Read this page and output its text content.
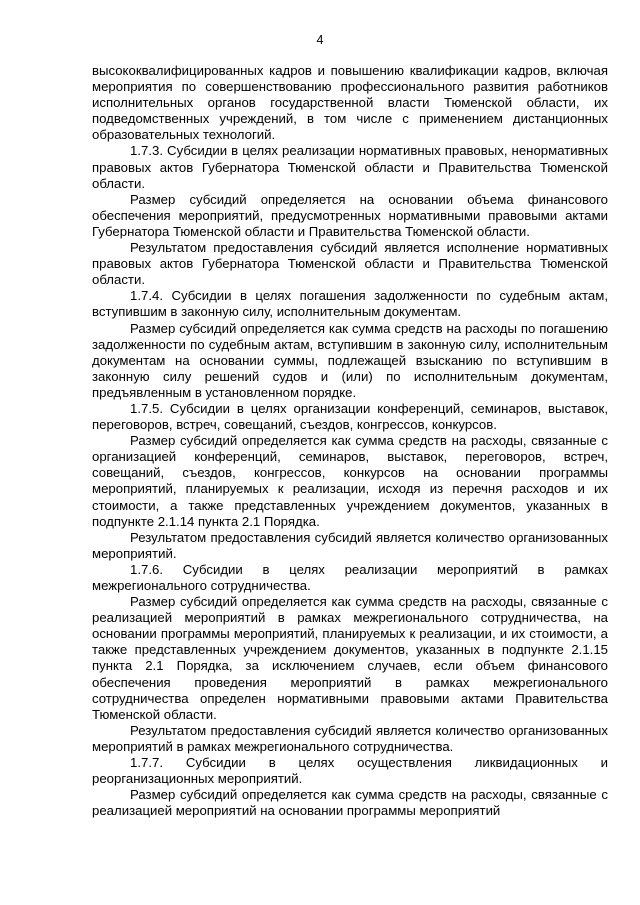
4

высококвалифицированных кадров и повышению квалификации кадров, включая мероприятия по совершенствованию профессионального развития работников исполнительных органов государственной власти Тюменской области, их подведомственных учреждений, в том числе с применением дистанционных образовательных технологий.

1.7.3. Субсидии в целях реализации нормативных правовых, ненормативных правовых актов Губернатора Тюменской области и Правительства Тюменской области.

Размер субсидий определяется на основании объема финансового обеспечения мероприятий, предусмотренных нормативными правовыми актами Губернатора Тюменской области и Правительства Тюменской области.

Результатом предоставления субсидий является исполнение нормативных правовых актов Губернатора Тюменской области и Правительства Тюменской области.

1.7.4. Субсидии в целях погашения задолженности по судебным актам, вступившим в законную силу, исполнительным документам.

Размер субсидий определяется как сумма средств на расходы по погашению задолженности по судебным актам, вступившим в законную силу, исполнительным документам на основании суммы, подлежащей взысканию по вступившим в законную силу решений судов и (или) по исполнительным документам, предъявленным в установленном порядке.

1.7.5. Субсидии в целях организации конференций, семинаров, выставок, переговоров, встреч, совещаний, съездов, конгрессов, конкурсов.

Размер субсидий определяется как сумма средств на расходы, связанные с организацией конференций, семинаров, выставок, переговоров, встреч, совещаний, съездов, конгрессов, конкурсов на основании программы мероприятий, планируемых к реализации, исходя из перечня расходов и их стоимости, а также представленных учреждением документов, указанных в подпункте 2.1.14 пункта 2.1 Порядка.

Результатом предоставления субсидий является количество организованных мероприятий.

1.7.6. Субсидии в целях реализации мероприятий в рамках межрегионального сотрудничества.

Размер субсидий определяется как сумма средств на расходы, связанные с реализацией мероприятий в рамках межрегионального сотрудничества, на основании программы мероприятий, планируемых к реализации, и их стоимости, а также представленных учреждением документов, указанных в подпункте 2.1.15 пункта 2.1 Порядка, за исключением случаев, если объем финансового обеспечения проведения мероприятий в рамках межрегионального сотрудничества определен нормативными правовыми актами Правительства Тюменской области.

Результатом предоставления субсидий является количество организованных мероприятий в рамках межрегионального сотрудничества.

1.7.7. Субсидии в целях осуществления ликвидационных и реорганизационных мероприятий.

Размер субсидий определяется как сумма средств на расходы, связанные с реализацией мероприятий на основании программы мероприятий
